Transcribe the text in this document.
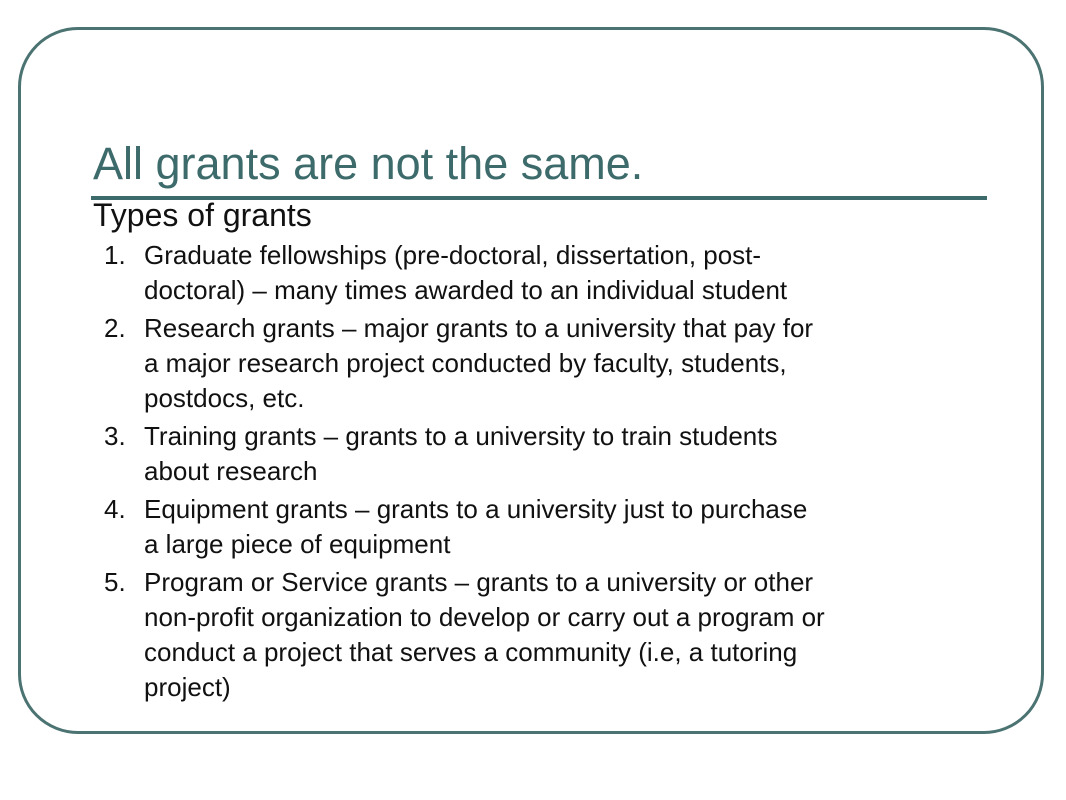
All grants are not the same.
Types of grants
1. Graduate fellowships (pre-doctoral, dissertation, post-
doctoral) – many times awarded to an individual student
2. Research grants – major grants to a university that pay for
a major research project conducted by faculty, students,
postdocs, etc.
3. Training grants – grants to a university to train students
about research
4. Equipment grants – grants to a university just to purchase
a large piece of equipment
5. Program or Service grants – grants to a university or other
non-profit organization to develop or carry out a program or
conduct a project that serves a community (i.e, a tutoring
project)
